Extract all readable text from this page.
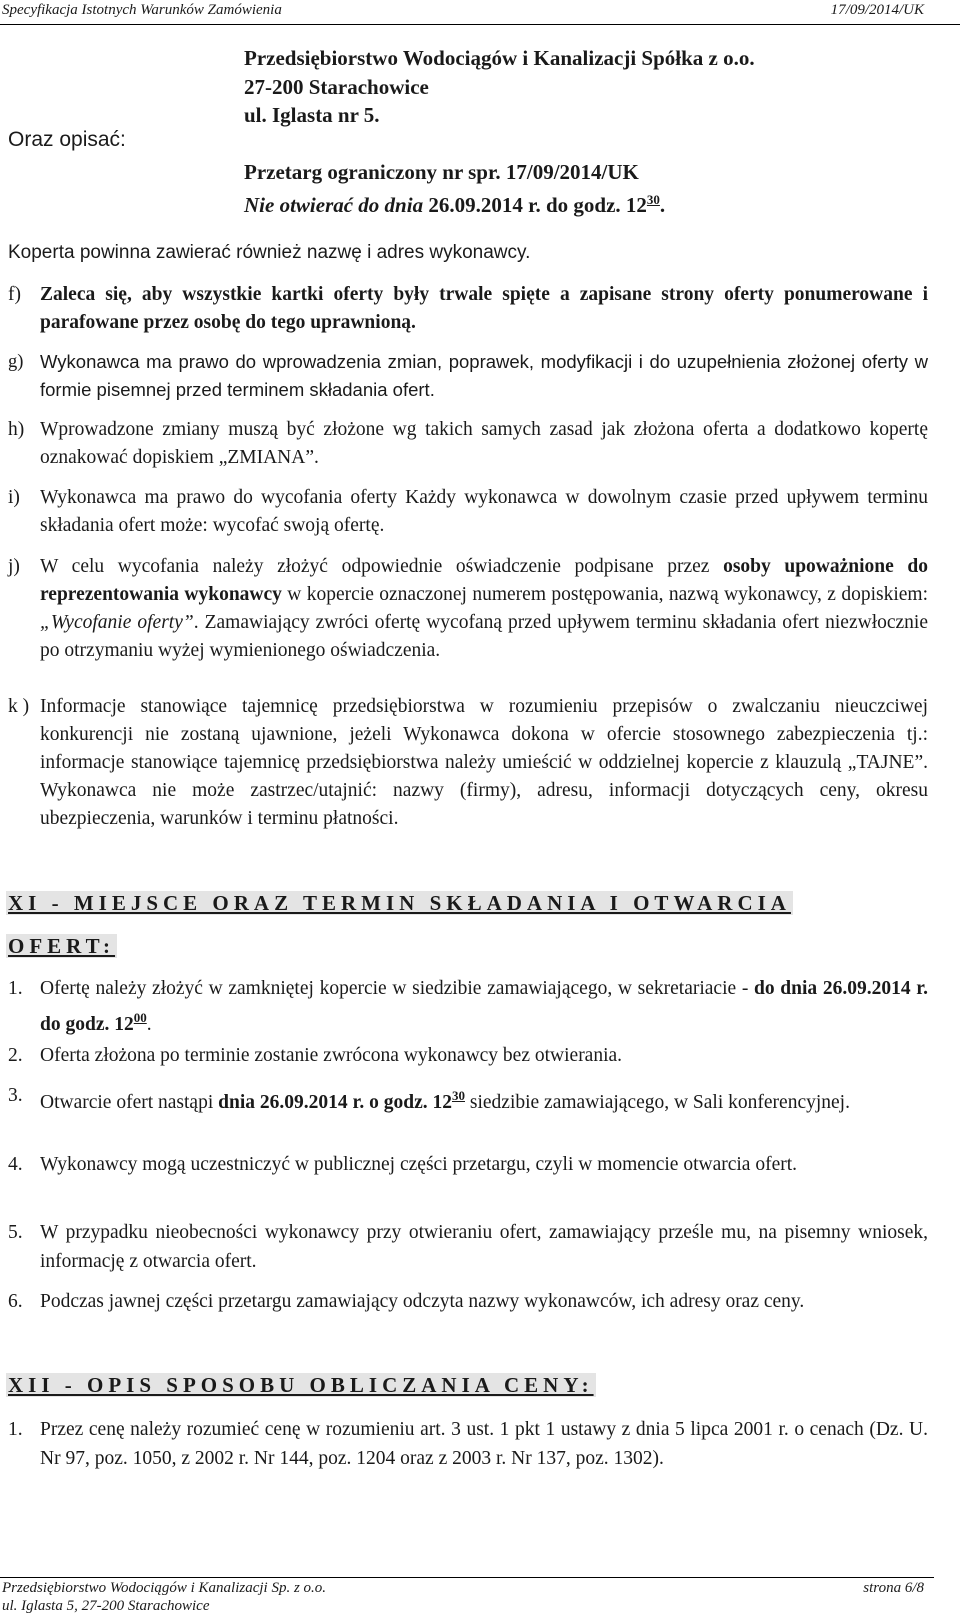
Specyfikacja Istotnych Warunków Zamówienia	17/09/2014/UK
Oraz opisać:
Przedsiębiorstwo Wodociągów i Kanalizacji Spółka z o.o.
27-200 Starachowice
ul. Iglasta nr 5.
Przetarg ograniczony nr spr. 17/09/2014/UK
Nie otwierać do dnia 26.09.2014 r. do godz. $12^{30}$.
Koperta powinna zawierać również nazwę i adres wykonawcy.
f) Zaleca się, aby wszystkie kartki oferty były trwale spięte a zapisane strony oferty ponumerowane i parafowane przez osobę do tego uprawnioną.
g) Wykonawca ma prawo do wprowadzenia zmian, poprawek, modyfikacji i do uzupełnienia złożonej oferty w formie pisemnej przed terminem składania ofert.
h) Wprowadzone zmiany muszą być złożone wg takich samych zasad jak złożona oferta a dodatkowo kopertę oznakować dopiskiem „ZMIANA”.
i) Wykonawca ma prawo do wycofania oferty Każdy wykonawca w dowolnym czasie przed upływem terminu składania ofert może: wycofać swoją ofertę.
j) W celu wycofania należy złożyć odpowiednie oświadczenie podpisane przez osoby upoważnione do reprezentowania wykonawcy w kopercie oznaczonej numerem postępowania, nazwą wykonawcy, z dopiskiem: „Wycofanie oferty”. Zamawiający zwróci ofertę wycofaną przed upływem terminu składania ofert niezwłocznie po otrzymaniu wyżej wymienionego oświadczenia.
k ) Informacje stanowiące tajemnicę przedsiębiorstwa w rozumieniu przepisów o zwalczaniu nieuczciwej konkurencji nie zostaną ujawnione, jeżeli Wykonawca dokona w ofercie stosownego zabezpieczenia tj.: informacje stanowiące tajemnicę przedsiębiorstwa należy umieścić w oddzielnej kopercie z klauzulą „TAJNE”. Wykonawca nie może zastrzec/utajnić: nazwy (firmy), adresu, informacji dotyczących ceny, okresu ubezpieczenia, warunków i terminu płatności.
XI - MIEJSCE ORAZ TERMIN SKŁADANIA I OTWARCIA
OFERT:
1. Ofertę należy złożyć w zamkniętej kopercie w siedzibie zamawiającego, w sekretariacie - do dnia 26.09.2014 r. do godz. $12^{00}$.
2. Oferta złożona po terminie zostanie zwrócona wykonawcy bez otwierania.
3. Otwarcie ofert nastąpi dnia 26.09.2014 r. o godz. $12^{30}$ siedzibie zamawiającego, w Sali konferencyjnej.
4. Wykonawcy mogą uczestniczyć w publicznej części przetargu, czyli w momencie otwarcia ofert.
5. W przypadku nieobecności wykonawcy przy otwieraniu ofert, zamawiający prześle mu, na pisemny wniosek, informację z otwarcia ofert.
6. Podczas jawnej części przetargu zamawiający odczyta nazwy wykonawców, ich adresy oraz ceny.
XII - OPIS SPOSOBU OBLICZANIA CENY:
1. Przez cenę należy rozumieć cenę w rozumieniu art. 3 ust. 1 pkt 1 ustawy z dnia 5 lipca 2001 r. o cenach (Dz. U. Nr 97, poz. 1050, z 2002 r. Nr 144, poz. 1204 oraz z 2003 r. Nr 137, poz. 1302).
Przedsiębiorstwo Wodociągów i Kanalizacji Sp. z o.o.
ul. Iglasta 5, 27-200 Starachowice
strona 6/8
